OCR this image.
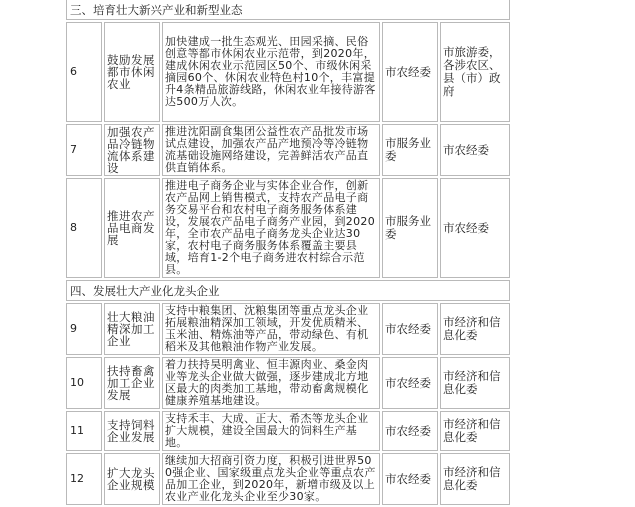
三、培育壮大新兴产业和新型业态				
6	鼓励发展都市休闲农业	加快建成一批生态观光、田园采摘、民俗创意等都市休闲农业示范带，到2020年，建成休闲农业示范园区50个、市级休闲采摘园60个、休闲农业特色村10个，丰富提升4条精品旅游线路，休闲农业年接待游客达500万人次。	市农经委	市旅游委，各涉农区、县（市）政府
7	加强农产品冷链物流体系建设	推进沈阳副食集团公益性农产品批发市场试点建设，加强农产品产地预冷等冷链物流基础设施网络建设，完善鲜活农产品直供直销体系。	市服务业委	市农经委
8	推进农产品电商发展	推进电子商务企业与实体企业合作，创新农产品网上销售模式，支持农产品电子商务交易平台和农村电子商务服务体系建设，发展农产品电子商务产业园，到2020年，全市农产品电子商务龙头企业达30家，农村电子商务服务体系覆盖主要县域，培育1-2个电子商务进农村综合示范县。	市服务业委	市农经委
四、发展壮大产业化龙头企业				
9	壮大粮油精深加工企业	支持中粮集团、沈粮集团等重点龙头企业拓展粮油精深加工领域，开发优质精米、玉米油、精炼油等产品，带动绿色、有机稻米及其他粮油作物产业发展。	市农经委	市经济和信息化委
10	扶持畜禽加工企业发展	着力扶持昊明禽业、恒丰源肉业、桑金肉业等龙头企业做大做强，逐步建成北方地区最大的肉类加工基地，带动畜禽规模化健康养殖基地建设。	市农经委	市经济和信息化委
11	支持饲料企业发展	支持禾丰、大成、正大、希杰等龙头企业扩大规模，建设全国最大的饲料生产基地。	市农经委	市经济和信息化委
12	扩大龙头企业规模	继续加大招商引资力度，积极引进世界500强企业、国家级重点龙头企业等重点农产品加工企业，到2020年，新增市级及以上农业产业化龙头企业至少30家。	市农经委	市经济和信息化委
